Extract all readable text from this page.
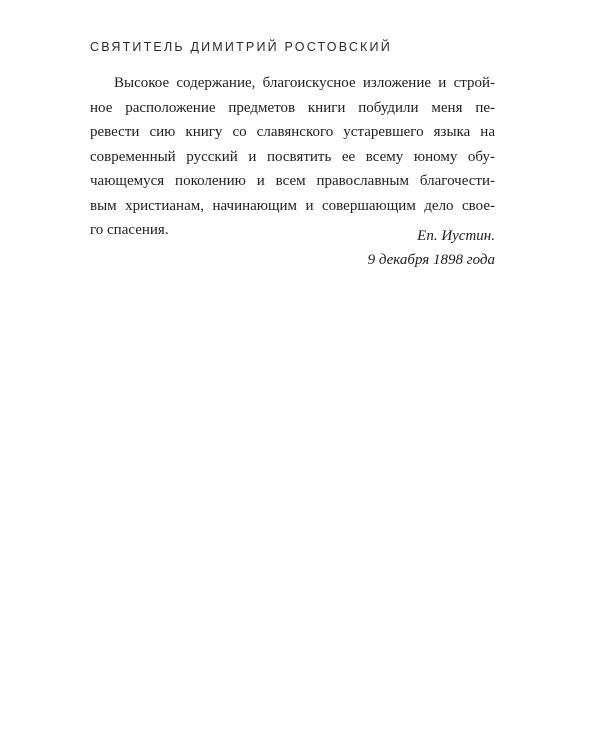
СВЯТИТЕЛЬ ДИМИТРИЙ РОСТОВСКИЙ
Высокое содержание, благоискусное изложение и строй-
ное расположение предметов книги побудили меня пе-
ревести сию книгу со славянского устаревшего языка на
современный русский и посвятить ее всему юному обу-
чающемуся поколению и всем православным благочести-
вым христианам, начинающим и совершающим дело свое-
го спасения.	Еп. Иустин.
9 декабря 1898 года
